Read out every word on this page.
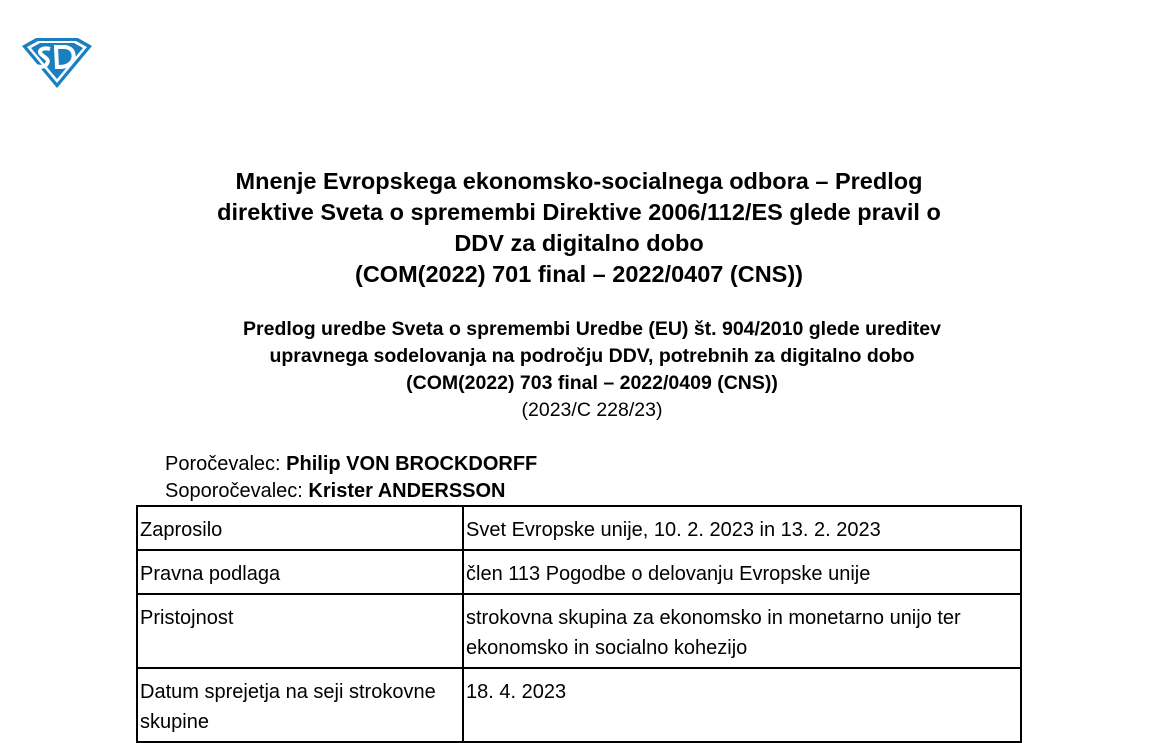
Mnenje Evropskega ekonomsko-socialnega odbora – Predlog
direktive Sveta o spremembi Direktive 2006/112/ES glede pravil o
DDV za digitalno dobo
(COM(2022) 701 final – 2022/0407 (CNS))
Predlog uredbe Sveta o spremembi Uredbe (EU) št. 904/2010 glede ureditev
upravnega sodelovanja na področju DDV, potrebnih za digitalno dobo
(COM(2022) 703 final – 2022/0409 (CNS))
(2023/C 228/23)
Poročevalec: Philip VON BROCKDORFF
Soporočevalec: Krister ANDERSSON
Zaprosilo	Svet Evropske unije, 10. 2. 2023 in 13. 2. 2023
Pravna podlaga	člen 113 Pogodbe o delovanju Evropske unije
Pristojnost	strokovna skupina za ekonomsko in monetarno unijo ter ekonomsko in socialno kohezijo
Datum sprejetja na seji strokovne skupine	18. 4. 2023
